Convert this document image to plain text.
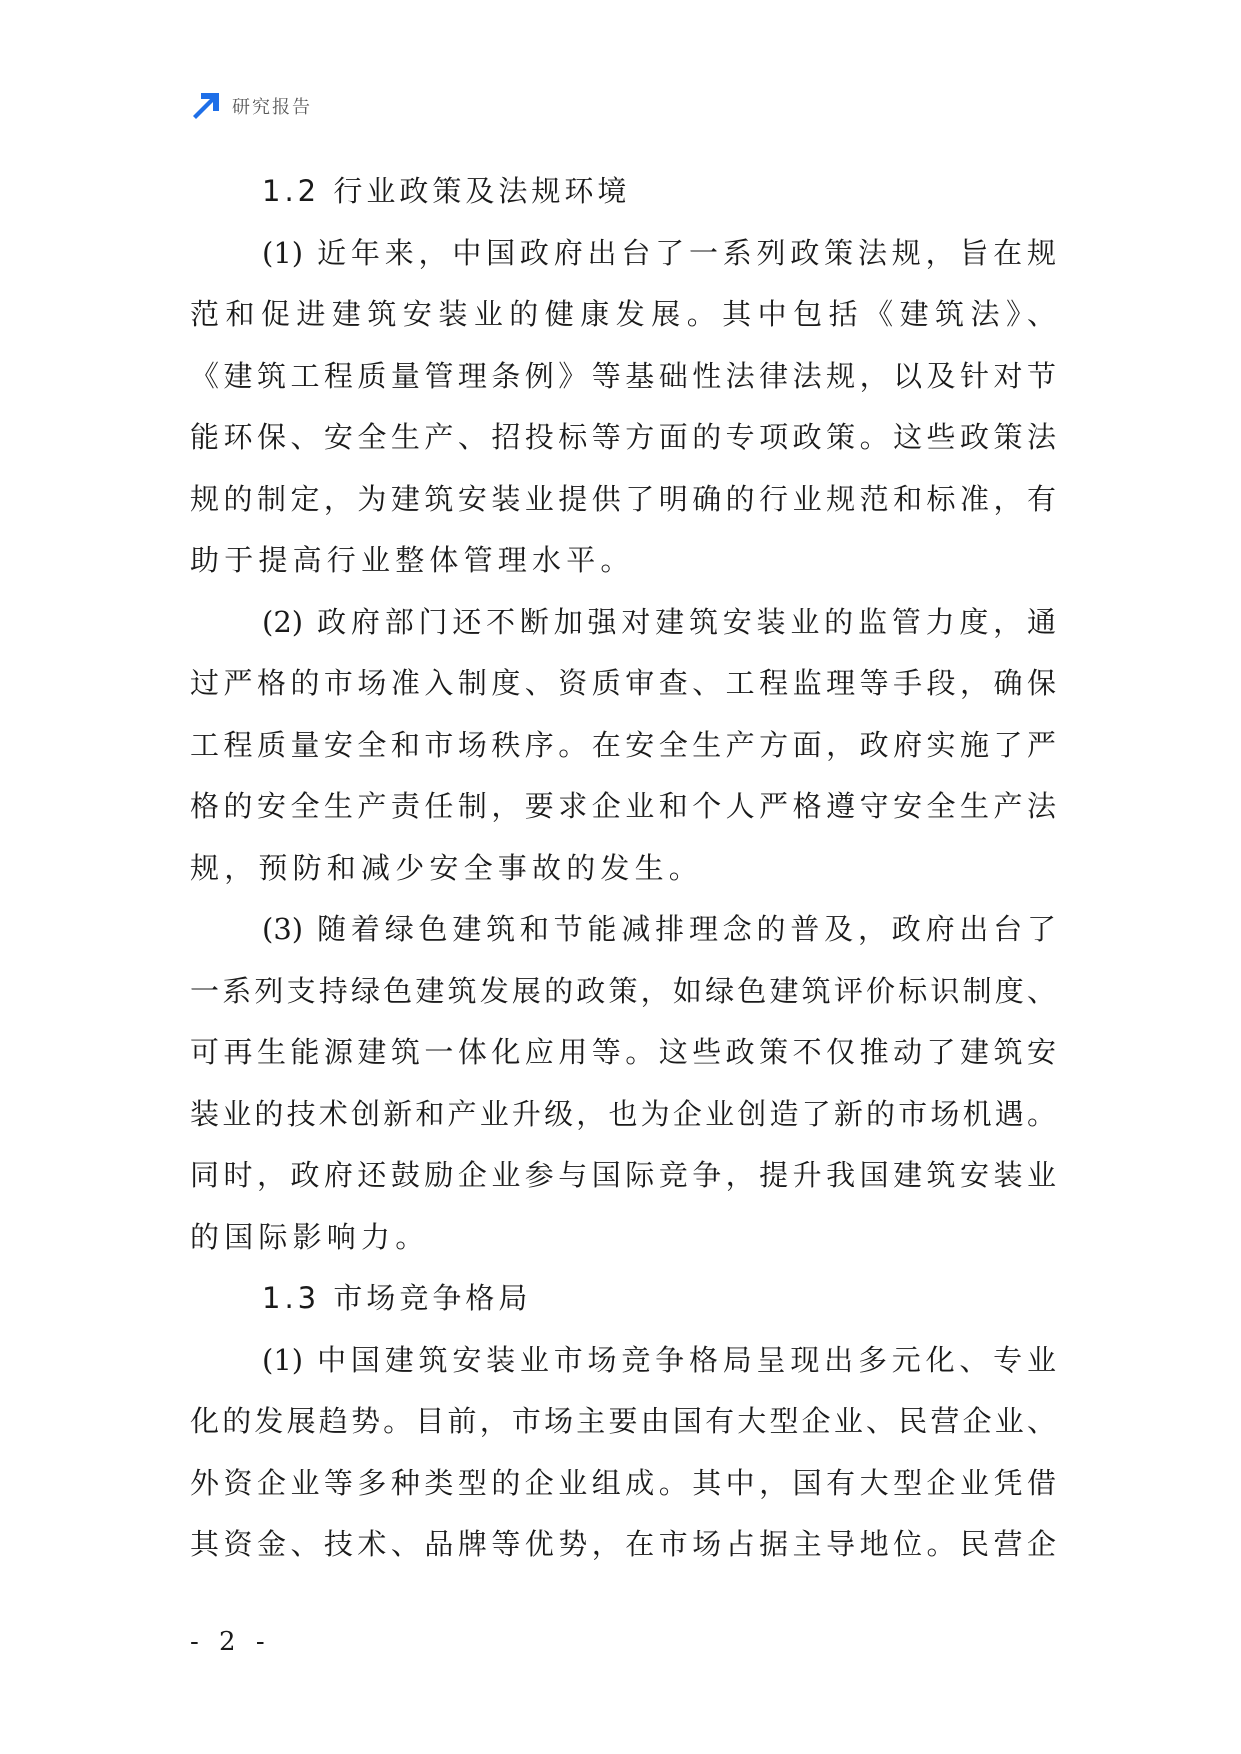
研究报告
1.2 行业政策及法规环境
(1) 近年来，中国政府出台了一系列政策法规，旨在规
范和促进建筑安装业的健康发展。其中包括《建筑法》、
《建筑工程质量管理条例》等基础性法律法规，以及针对节
能环保、安全生产、招投标等方面的专项政策。这些政策法
规的制定，为建筑安装业提供了明确的行业规范和标准，有
助于提高行业整体管理水平。
(2) 政府部门还不断加强对建筑安装业的监管力度，通
过严格的市场准入制度、资质审查、工程监理等手段，确保
工程质量安全和市场秩序。在安全生产方面，政府实施了严
格的安全生产责任制，要求企业和个人严格遵守安全生产法
规，预防和减少安全事故的发生。
(3) 随着绿色建筑和节能减排理念的普及，政府出台了
一系列支持绿色建筑发展的政策，如绿色建筑评价标识制度、
可再生能源建筑一体化应用等。这些政策不仅推动了建筑安
装业的技术创新和产业升级，也为企业创造了新的市场机遇。
同时，政府还鼓励企业参与国际竞争，提升我国建筑安装业
的国际影响力。
1.3 市场竞争格局
(1) 中国建筑安装业市场竞争格局呈现出多元化、专业
化的发展趋势。目前，市场主要由国有大型企业、民营企业、
外资企业等多种类型的企业组成。其中，国有大型企业凭借
其资金、技术、品牌等优势，在市场占据主导地位。民营企
- 2 -
